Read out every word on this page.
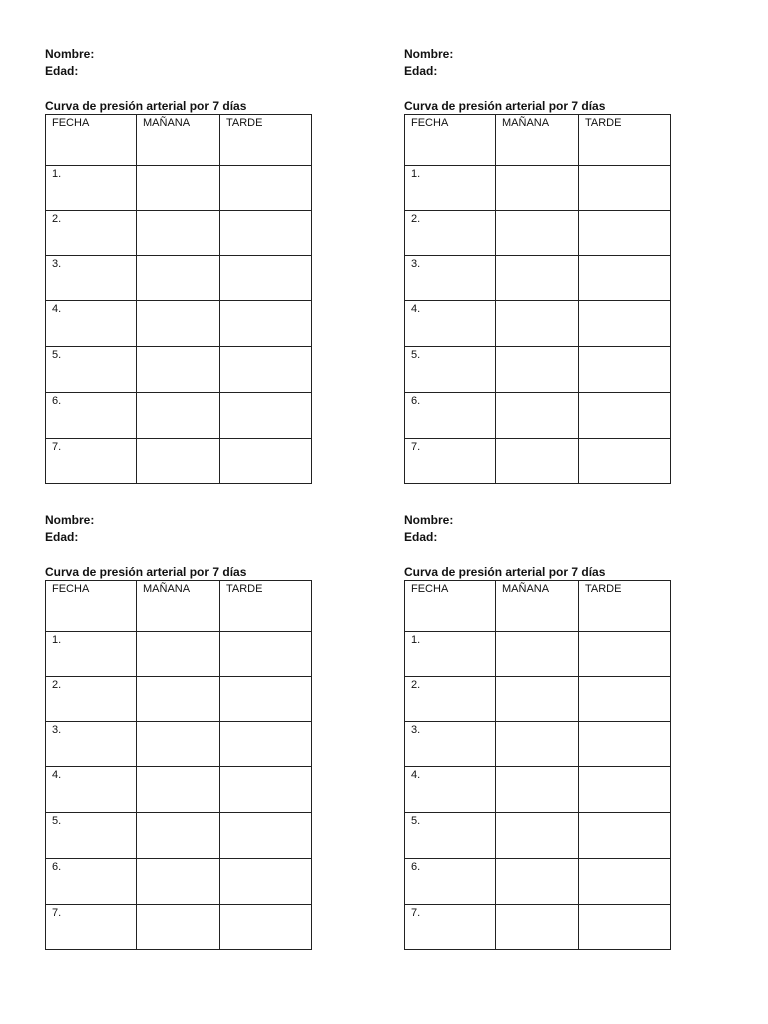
Nombre:
Edad:
Curva de presión arterial por 7 días
FECHA	MAÑANA	TARDE
1.		
2.		
3.		
4.		
5.		
6.		
7.		
Nombre:
Edad:
Curva de presión arterial por 7 días
FECHA	MAÑANA	TARDE
1.		
2.		
3.		
4.		
5.		
6.		
7.		
Nombre:
Edad:
Curva de presión arterial por 7 días
FECHA	MAÑANA	TARDE
1.		
2.		
3.		
4.		
5.		
6.		
7.		
Nombre:
Edad:
Curva de presión arterial por 7 días
FECHA	MAÑANA	TARDE
1.		
2.		
3.		
4.		
5.		
6.		
7.		
